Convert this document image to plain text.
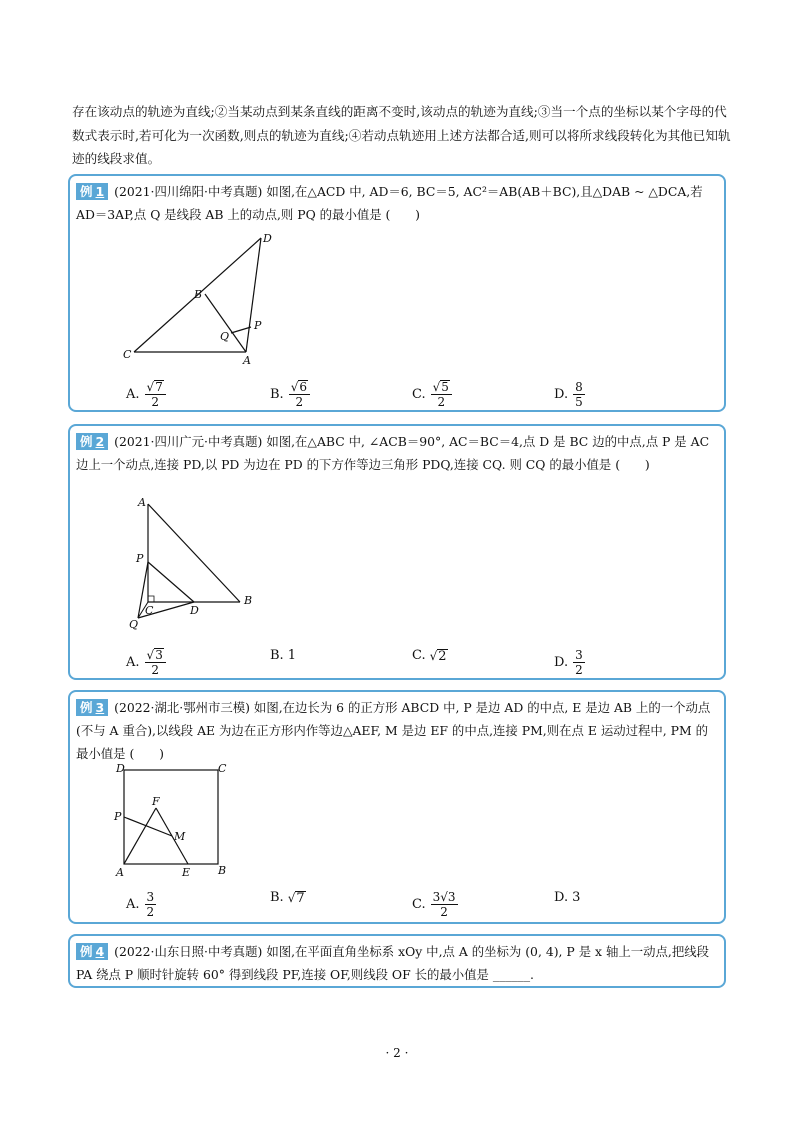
存在该动点的轨迹为直线;②当某动点到某条直线的距离不变时,该动点的轨迹为直线;③当一个点的坐标以某个字母的代数式表示时,若可化为一次函数,则点的轨迹为直线;④若动点轨迹用上述方法都合适,则可以将所求线段转化为其他已知轨迹的线段求值。
例 1 (2021·四川绵阳·中考真题) 如图,在△ACD 中, AD＝6, BC＝5, AC²＝AB(AB＋BC),且△DAB ~ △DCA,若 AD＝3AP,点 Q 是线段 AB 上的动点,则 PQ 的最小值是 (　　)
D
B
P
Q
C	A
A. $\frac{√ 7}{2}$	B. $\frac{√ 6}{2}$	C. $\frac{√ 5}{2}$	D. $\frac{8}{5}$
例 2 (2021·四川广元·中考真题) 如图,在△ABC 中, ∠ACB＝90°, AC＝BC＝4,点 D 是 BC 边的中点,点 P 是 AC 边上一个动点,连接 PD,以 PD 为边在 PD 的下方作等边三角形 PDQ,连接 CQ. 则 CQ 的最小值是 (　　)
A
P
C	D
B
Q
A. $\frac{√ 3}{2}$	B. 1	C. √ 2	D. $\frac{3}{2}$
例 3 (2022·湖北·鄂州市三模) 如图,在边长为 6 的正方形 ABCD 中, P 是边 AD 的中点, E 是边 AB 上的一个动点 (不与 A 重合),以线段 AE 为边在正方形内作等边△AEF, M 是边 EF 的中点,连接 PM,则在点 E 运动过程中, PM 的最小值是 (　　)
D	C
F
P
M
A	E	B
A. $\frac{3}{2}$	B. √ 7	C. $\frac{3√3}{2}$	D. 3
例 4 (2022·山东日照·中考真题) 如图,在平面直角坐标系 xOy 中,点 A 的坐标为 (0, 4), P 是 x 轴上一动点,把线段 PA 绕点 P 顺时针旋转 60° 得到线段 PF,连接 OF,则线段 OF 长的最小值是 ______.
· 2 ·
